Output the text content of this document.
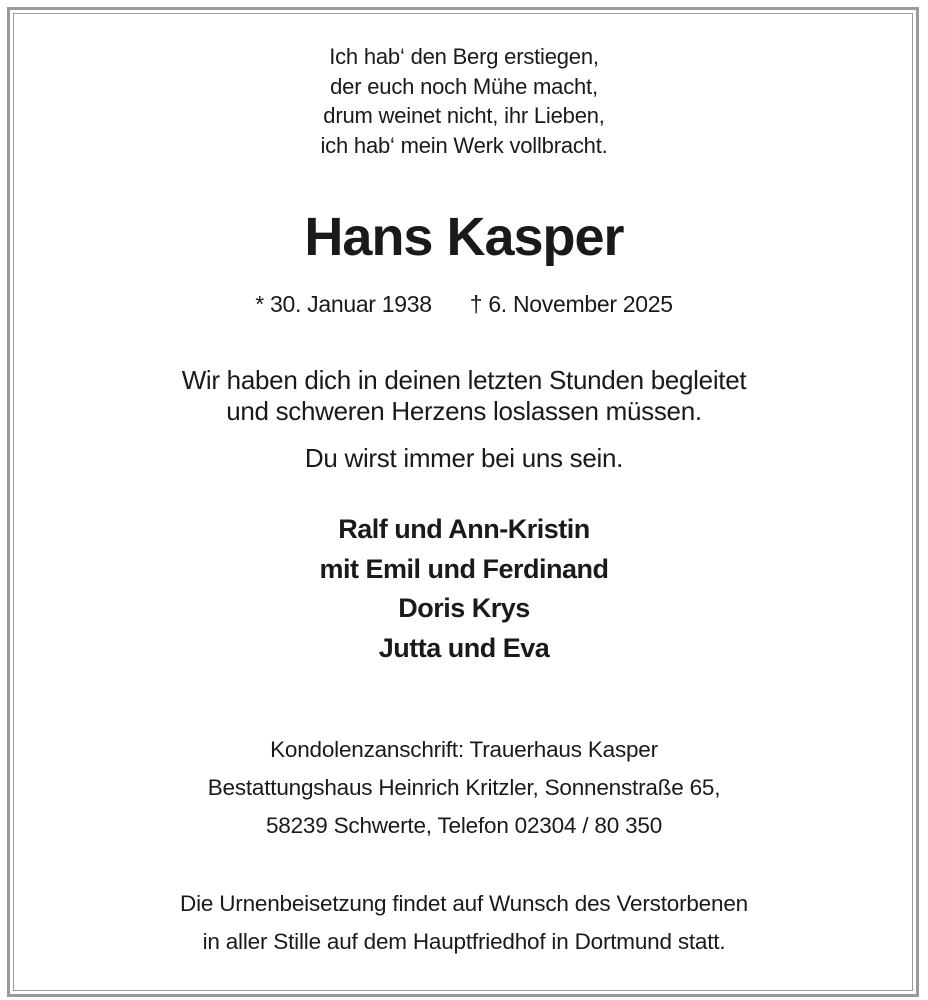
Ich hab‘ den Berg erstiegen,
der euch noch Mühe macht,
drum weinet nicht, ihr Lieben,
ich hab‘ mein Werk vollbracht.
Hans Kasper
* 30. Januar 1938 † 6. November 2025
Wir haben dich in deinen letzten Stunden begleitet
und schweren Herzens loslassen müssen.
Du wirst immer bei uns sein.
Ralf und Ann-Kristin
mit Emil und Ferdinand
Doris Krys
Jutta und Eva
Kondolenzanschrift: Trauerhaus Kasper
Bestattungshaus Heinrich Kritzler, Sonnenstraße 65,
58239 Schwerte, Telefon 02304 / 80 350
Die Urnenbeisetzung findet auf Wunsch des Verstorbenen
in aller Stille auf dem Hauptfriedhof in Dortmund statt.
